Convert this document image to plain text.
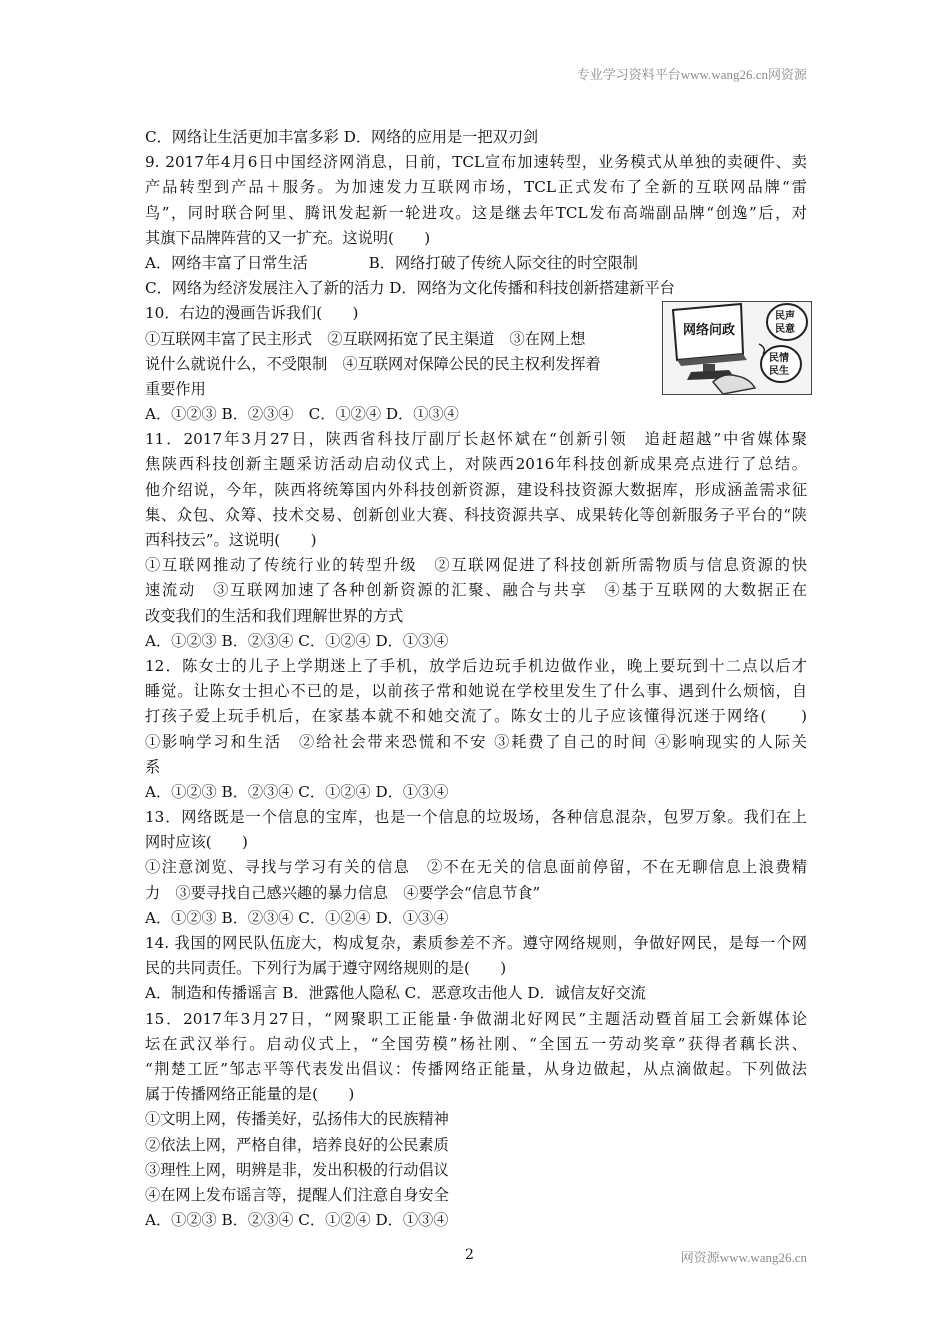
专业学习资料平台www.wang26.cn网资源
C．网络让生活更加丰富多彩 D．网络的应用是一把双刃剑
9. 2017年4月6日中国经济网消息，日前，TCL宣布加速转型，业务模式从单独的卖硬件、卖
产品转型到产品＋服务。为加速发力互联网市场，TCL正式发布了全新的互联网品牌“雷
鸟”，同时联合阿里、腾讯发起新一轮进攻。这是继去年TCL发布高端副品牌“创逸”后，对
其旗下品牌阵营的又一扩充。这说明(　　)
A．网络丰富了日常生活　　　　B．网络打破了传统人际交往的时空限制
C．网络为经济发展注入了新的活力 D．网络为文化传播和科技创新搭建新平台
10．右边的漫画告诉我们(　　)
①互联网丰富了民主形式　②互联网拓宽了民主渠道　③在网上想
说什么就说什么，不受限制　④互联网对保障公民的民主权利发挥着
重要作用
A．①②③ B．②③④　C．①②④ D．①③④
网络问政
民声
民意
民情
民生
11．2017年3月27日，陕西省科技厅副厅长赵怀斌在“创新引领　追赶超越”中省媒体聚
焦陕西科技创新主题采访活动启动仪式上，对陕西2016年科技创新成果亮点进行了总结。
他介绍说，今年，陕西将统筹国内外科技创新资源，建设科技资源大数据库，形成涵盖需求征
集、众包、众筹、技术交易、创新创业大赛、科技资源共享、成果转化等创新服务子平台的“陕
西科技云”。这说明(　　)
①互联网推动了传统行业的转型升级　②互联网促进了科技创新所需物质与信息资源的快
速流动　③互联网加速了各种创新资源的汇聚、融合与共享　④基于互联网的大数据正在
改变我们的生活和我们理解世界的方式
A．①②③ B．②③④ C．①②④ D．①③④
12．陈女士的儿子上学期迷上了手机，放学后边玩手机边做作业，晚上要玩到十二点以后才
睡觉。让陈女士担心不已的是，以前孩子常和她说在学校里发生了什么事、遇到什么烦恼，自
打孩子爱上玩手机后，在家基本就不和她交流了。陈女士的儿子应该懂得沉迷于网络(　　)
①影响学习和生活　②给社会带来恐慌和不安 ③耗费了自己的时间 ④影响现实的人际关
系
A．①②③ B．②③④ C．①②④ D．①③④
13．网络既是一个信息的宝库，也是一个信息的垃圾场，各种信息混杂，包罗万象。我们在上
网时应该(　　)
①注意浏览、寻找与学习有关的信息　②不在无关的信息面前停留，不在无聊信息上浪费精
力　③要寻找自己感兴趣的暴力信息　④要学会“信息节食”
A．①②③ B．②③④ C．①②④ D．①③④
14. 我国的网民队伍庞大，构成复杂，素质参差不齐。遵守网络规则，争做好网民，是每一个网
民的共同责任。下列行为属于遵守网络规则的是(　　)
A．制造和传播谣言 B．泄露他人隐私 C．恶意攻击他人 D．诚信友好交流
15．2017年3月27日，“网聚职工正能量·争做湖北好网民”主题活动暨首届工会新媒体论
坛在武汉举行。启动仪式上，“全国劳模”杨社刚、“全国五一劳动奖章”获得者藕长洪、
“荆楚工匠”邹志平等代表发出倡议：传播网络正能量，从身边做起，从点滴做起。下列做法
属于传播网络正能量的是(　　)
①文明上网，传播美好，弘扬伟大的民族精神
②依法上网，严格自律，培养良好的公民素质
③理性上网，明辨是非，发出积极的行动倡议
④在网上发布谣言等，提醒人们注意自身安全
A．①②③ B．②③④ C．①②④ D．①③④
2	网资源www.wang26.cn
